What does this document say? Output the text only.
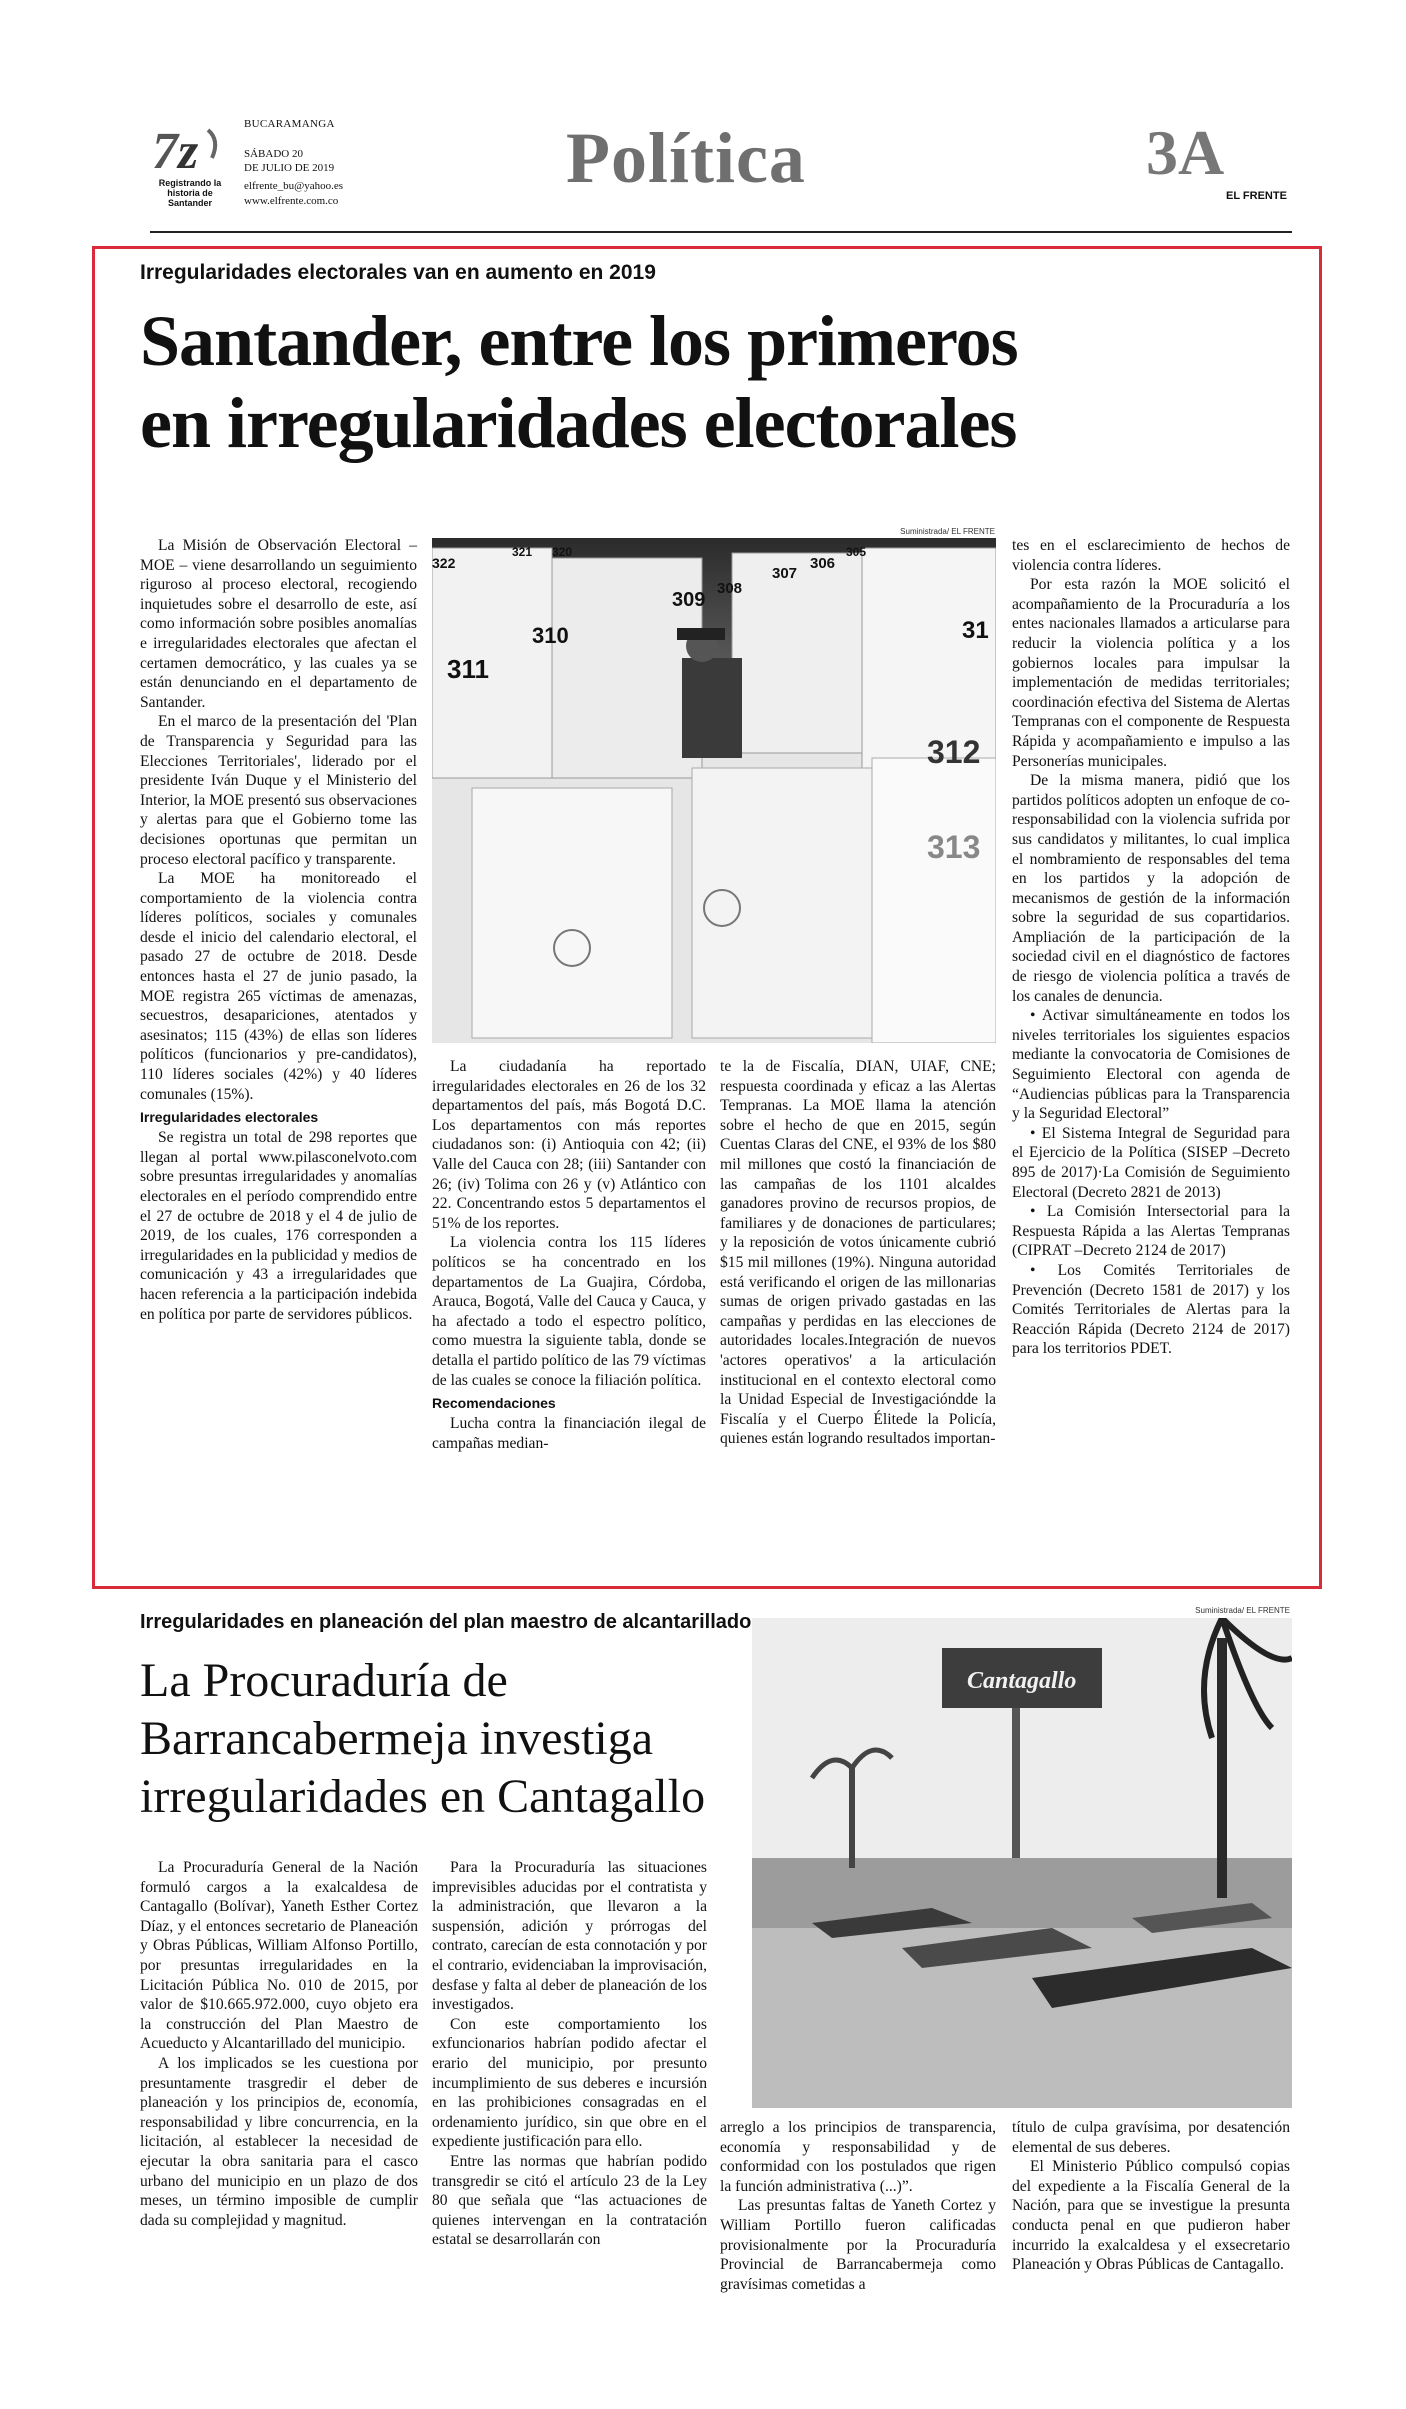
7 z
Registrando la historia de Santander
BUCARAMANGA
SÁBADO 20
DE JULIO DE 2019
elfrente_bu@yahoo.es
www.elfrente.com.co
Política	3A
EL FRENTE
Irregularidades electorales van en aumento en 2019
Santander, entre los primeros
en irregularidades electorales
Suministrada/ EL FRENTE
322
321 320
311
310
309
308
307
306
305
31
312
313

La Misión de Observación Electoral – MOE – viene desarrollando un seguimiento riguroso al proceso electoral, recogiendo inquietudes sobre el desarrollo de este, así como información sobre posibles anomalías e irregularidades electorales que afectan el certamen democrático, y las cuales ya se están denunciando en el departamento de Santander.

En el marco de la presentación del 'Plan de Transparencia y Seguridad para las Elecciones Territoriales', liderado por el presidente Iván Duque y el Ministerio del Interior, la MOE presentó sus observaciones y alertas para que el Gobierno tome las decisiones oportunas que permitan un proceso electoral pacífico y transparente.

La MOE ha monitoreado el comportamiento de la violencia contra líderes políticos, sociales y comunales desde el inicio del calendario electoral, el pasado 27 de octubre de 2018. Desde entonces hasta el 27 de junio pasado, la MOE registra 265 víctimas de amenazas, secuestros, desapariciones, atentados y asesinatos; 115 (43%) de ellas son líderes políticos (funcionarios y pre-candidatos), 110 líderes sociales (42%) y 40 líderes comunales (15%).

Irregularidades electorales

Se registra un total de 298 reportes que llegan al portal www.pilasconelvoto.com sobre presuntas irregularidades y anomalías electorales en el período comprendido entre el 27 de octubre de 2018 y el 4 de julio de 2019, de los cuales, 176 corresponden a irregularidades en la publicidad y medios de comunicación y 43 a irregularidades que hacen referencia a la participación indebida en política por parte de servidores públicos.

La ciudadanía ha reportado irregularidades electorales en 26 de los 32 departamentos del país, más Bogotá D.C. Los departamentos con más reportes ciudadanos son: (i) Antioquia con 42; (ii) Valle del Cauca con 28; (iii) Santander con 26; (iv) Tolima con 26 y (v) Atlántico con 22. Concentrando estos 5 departamentos el 51% de los reportes.

La violencia contra los 115 líderes políticos se ha concentrado en los departamentos de La Guajira, Córdoba, Arauca, Bogotá, Valle del Cauca y Cauca, y ha afectado a todo el espectro político, como muestra la siguiente tabla, donde se detalla el partido político de las 79 víctimas de las cuales se conoce la filiación política.

Recomendaciones

Lucha contra la financiación ilegal de campañas median-

te la de Fiscalía, DIAN, UIAF, CNE; respuesta coordinada y eficaz a las Alertas Tempranas. La MOE llama la atención sobre el hecho de que en 2015, según Cuentas Claras del CNE, el 93% de los $80 mil millones que costó la financiación de las campañas de los 1101 alcaldes ganadores provino de recursos propios, de familiares y de donaciones de particulares; y la reposición de votos únicamente cubrió $15 mil millones (19%). Ninguna autoridad está verificando el origen de las millonarias sumas de origen privado gastadas en las campañas y perdidas en las elecciones de autoridades locales.Integración de nuevos 'actores operativos' a la articulación institucional en el contexto electoral como la Unidad Especial de Investigacióndde la Fiscalía y el Cuerpo Élitede la Policía, quienes están logrando resultados importan-

tes en el esclarecimiento de hechos de violencia contra líderes.

Por esta razón la MOE solicitó el acompañamiento de la Procuraduría a los entes nacionales llamados a articularse para reducir la violencia política y a los gobiernos locales para impulsar la implementación de medidas territoriales; coordinación efectiva del Sistema de Alertas Tempranas con el componente de Respuesta Rápida y acompañamiento e impulso a las Personerías municipales.

De la misma manera, pidió que los partidos políticos adopten un enfoque de co-responsabilidad con la violencia sufrida por sus candidatos y militantes, lo cual implica el nombramiento de responsables del tema en los partidos y la adopción de mecanismos de gestión de la información sobre la seguridad de sus copartidarios. Ampliación de la participación de la sociedad civil en el diagnóstico de factores de riesgo de violencia política a través de los canales de denuncia.

• Activar simultáneamente en todos los niveles territoriales los siguientes espacios mediante la convocatoria de Comisiones de Seguimiento Electoral con agenda de “Audiencias públicas para la Transparencia y la Seguridad Electoral”

• El Sistema Integral de Seguridad para el Ejercicio de la Política (SISEP –Decreto 895 de 2017)·La Comisión de Seguimiento Electoral (Decreto 2821 de 2013)

• La Comisión Intersectorial para la Respuesta Rápida a las Alertas Tempranas (CIPRAT –Decreto 2124 de 2017)

• Los Comités Territoriales de Prevención (Decreto 1581 de 2017) y los Comités Territoriales de Alertas para la Reacción Rápida (Decreto 2124 de 2017) para los territorios PDET.

Irregularidades en planeación del plan maestro de alcantarillado
La Procuraduría de
Barrancabermeja investiga
irregularidades en Cantagallo
Suministrada/ EL FRENTE
Cantagallo

La Procuraduría General de la Nación formuló cargos a la exalcaldesa de Cantagallo (Bolívar), Yaneth Esther Cortez Díaz, y el entonces secretario de Planeación y Obras Públicas, William Alfonso Portillo, por presuntas irregularidades en la Licitación Pública No. 010 de 2015, por valor de $10.665.972.000, cuyo objeto era la construcción del Plan Maestro de Acueducto y Alcantarillado del municipio.

A los implicados se les cuestiona por presuntamente trasgredir el deber de planeación y los principios de, economía, responsabilidad y libre concurrencia, en la licitación, al establecer la necesidad de ejecutar la obra sanitaria para el casco urbano del municipio en un plazo de dos meses, un término imposible de cumplir dada su complejidad y magnitud.

Para la Procuraduría las situaciones imprevisibles aducidas por el contratista y la administración, que llevaron a la suspensión, adición y prórrogas del contrato, carecían de esta connotación y por el contrario, evidenciaban la improvisación, desfase y falta al deber de planeación de los investigados.

Con este comportamiento los exfuncionarios habrían podido afectar el erario del municipio, por presunto incumplimiento de sus deberes e incursión en las prohibiciones consagradas en el ordenamiento jurídico, sin que obre en el expediente justificación para ello.

Entre las normas que habrían podido transgredir se citó el artículo 23 de la Ley 80 que señala que “las actuaciones de quienes intervengan en la contratación estatal se desarrollarán con

arreglo a los principios de transparencia, economía y responsabilidad y de conformidad con los postulados que rigen la función administrativa (...)”.

Las presuntas faltas de Yaneth Cortez y William Portillo fueron calificadas provisionalmente por la Procuraduría Provincial de Barrancabermeja como gravísimas cometidas a

título de culpa gravísima, por desatención elemental de sus deberes.

El Ministerio Público compulsó copias del expediente a la Fiscalía General de la Nación, para que se investigue la presunta conducta penal en que pudieron haber incurrido la exalcaldesa y el exsecretario Planeación y Obras Públicas de Cantagallo.
